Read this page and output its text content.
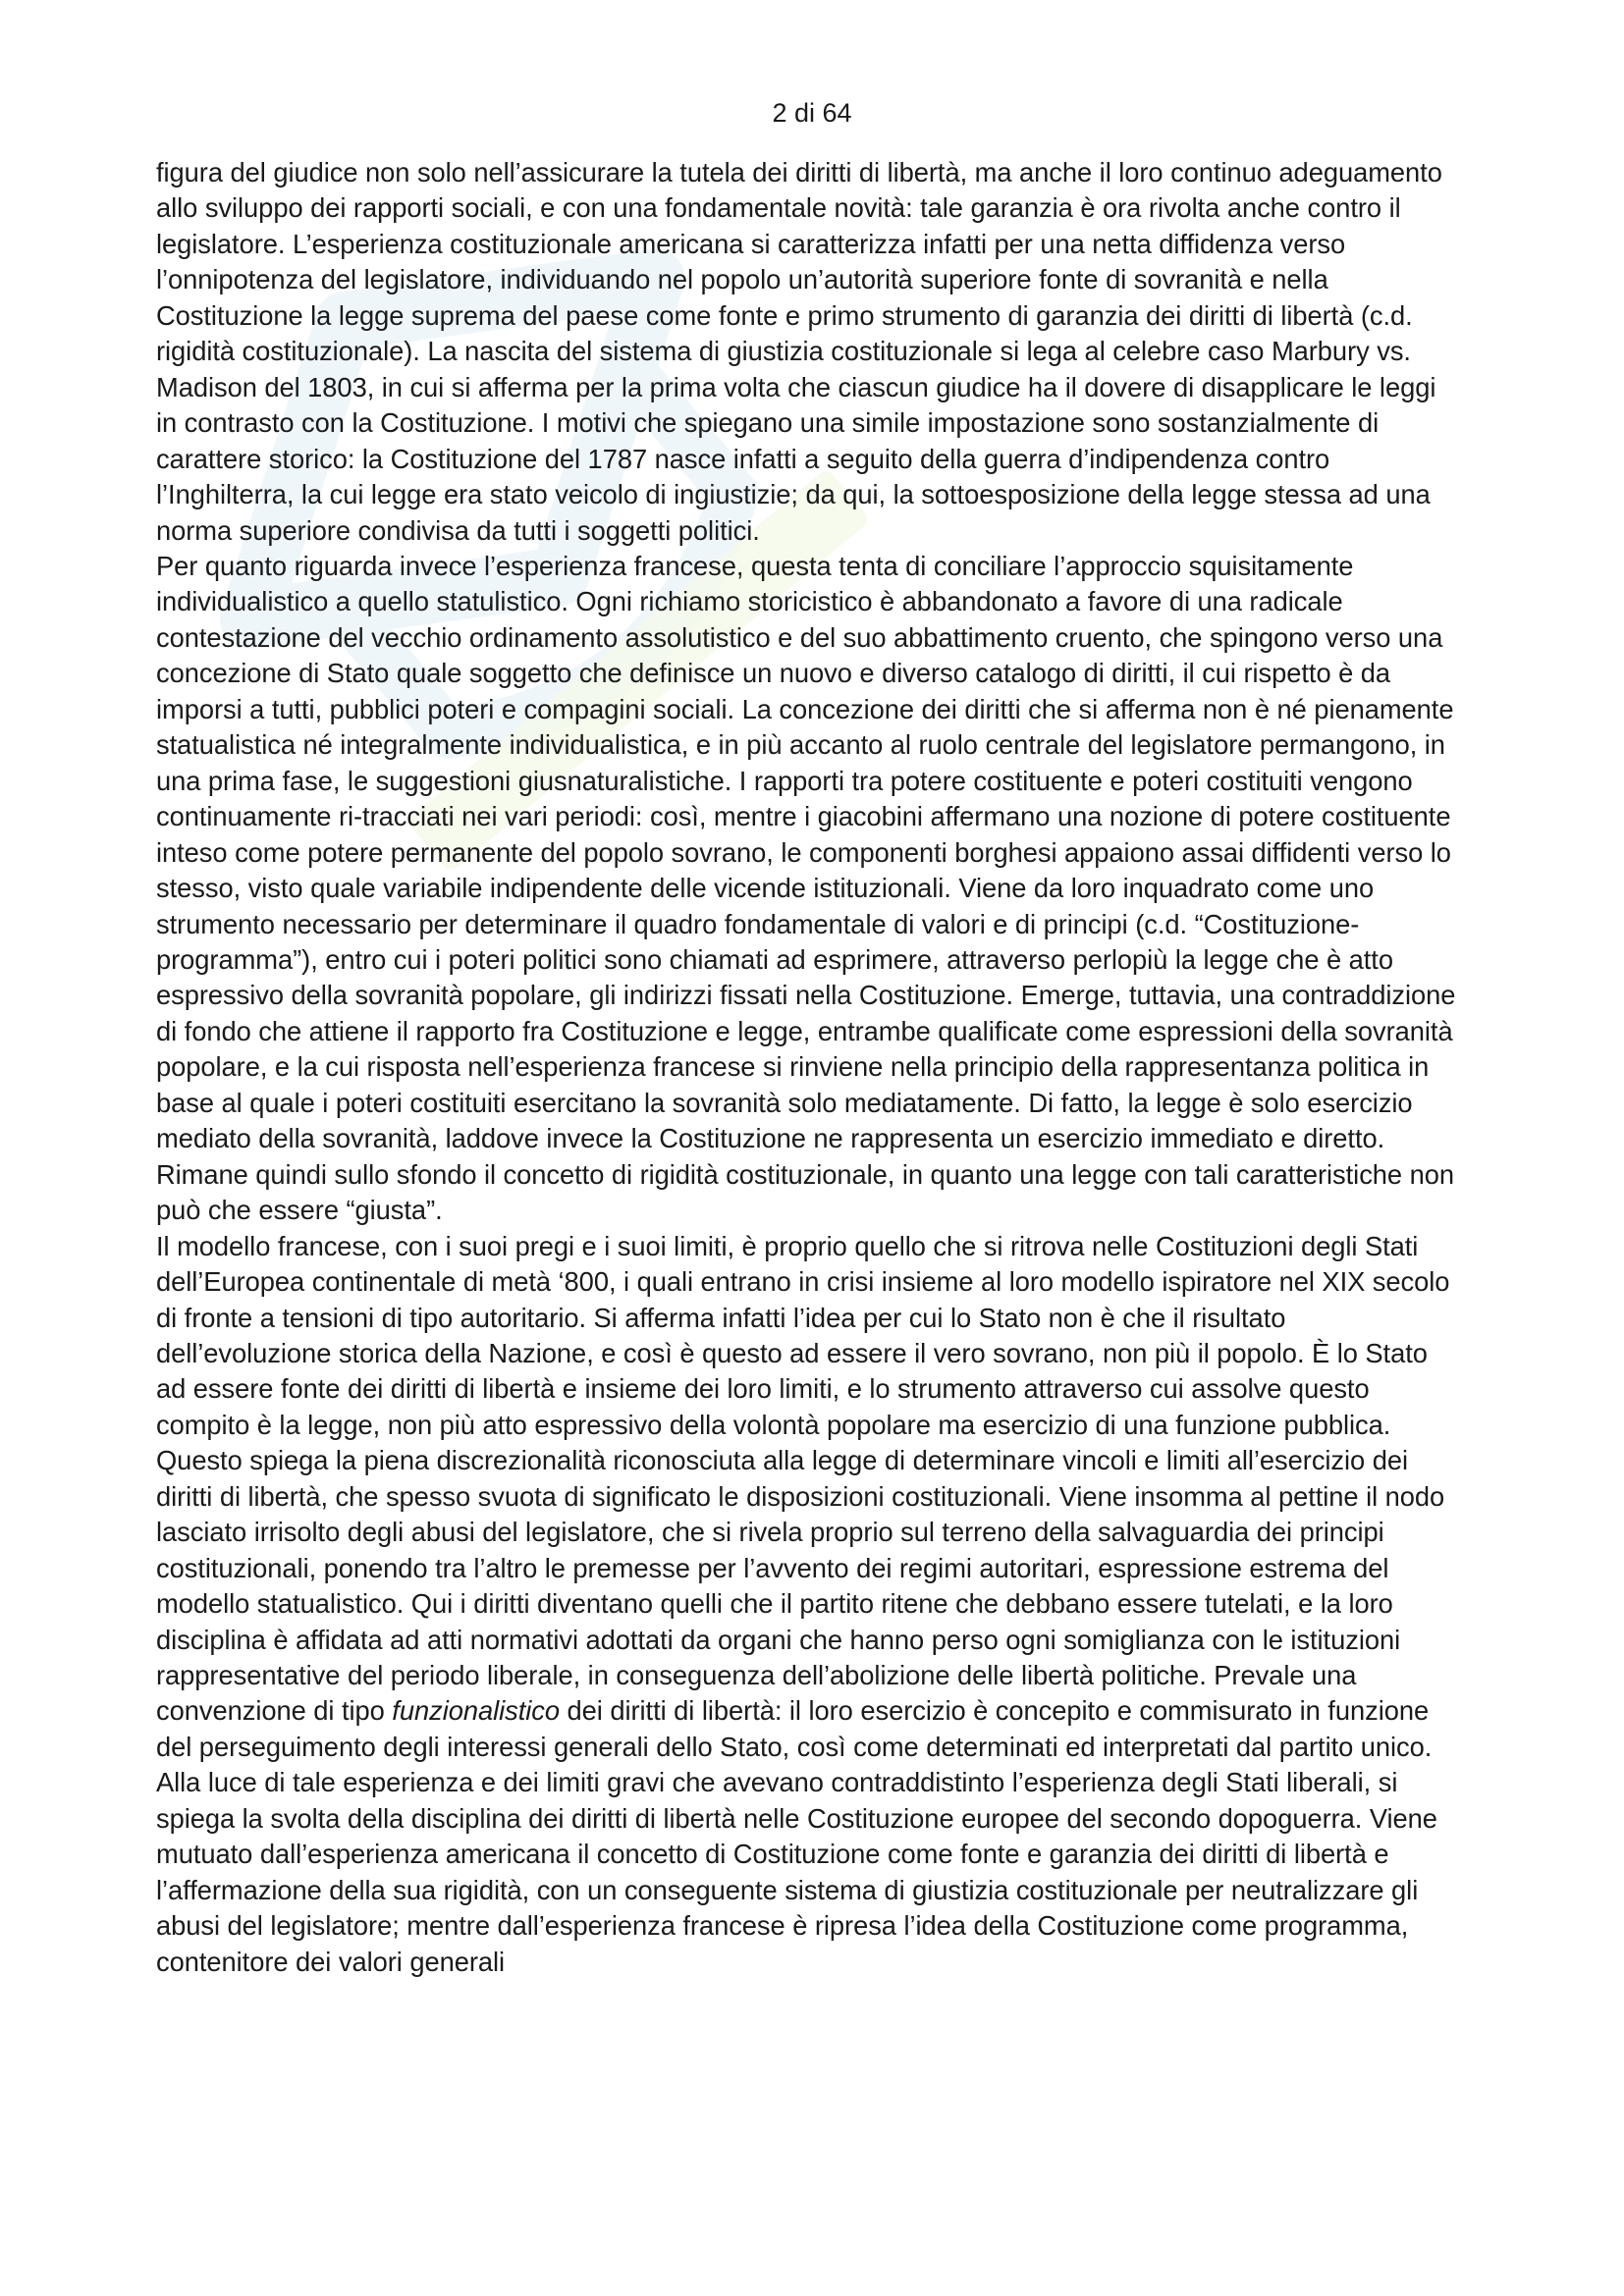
2 di 64

figura del giudice non solo nell’assicurare la tutela dei diritti di libertà, ma anche il loro continuo adeguamento allo sviluppo dei rapporti sociali, e con una fondamentale novità: tale garanzia è ora rivolta anche contro il legislatore. L’esperienza costituzionale americana si caratterizza infatti per una netta diffidenza verso l’onnipotenza del legislatore, individuando nel popolo un’autorità superiore fonte di sovranità e nella Costituzione la legge suprema del paese come fonte e primo strumento di garanzia dei diritti di libertà (c.d. rigidità costituzionale). La nascita del sistema di giustizia costituzionale si lega al celebre caso Marbury vs. Madison del 1803, in cui si afferma per la prima volta che ciascun giudice ha il dovere di disapplicare le leggi in contrasto con la Costituzione. I motivi che spiegano una simile impostazione sono sostanzialmente di carattere storico: la Costituzione del 1787 nasce infatti a seguito della guerra d’indipendenza contro l’Inghilterra, la cui legge era stato veicolo di ingiustizie; da qui, la sottoesposizione della legge stessa ad una norma superiore condivisa da tutti i soggetti politici.

Per quanto riguarda invece l’esperienza francese, questa tenta di conciliare l’approccio squisitamente individualistico a quello statulistico. Ogni richiamo storicistico è abbandonato a favore di una radicale contestazione del vecchio ordinamento assolutistico e del suo abbattimento cruento, che spingono verso una concezione di Stato quale soggetto che definisce un nuovo e diverso catalogo di diritti, il cui rispetto è da imporsi a tutti, pubblici poteri e compagini sociali. La concezione dei diritti che si afferma non è né pienamente statualistica né integralmente individualistica, e in più accanto al ruolo centrale del legislatore permangono, in una prima fase, le suggestioni giusnaturalistiche. I rapporti tra potere costituente e poteri costituiti vengono continuamente ri-tracciati nei vari periodi: così, mentre i giacobini affermano una nozione di potere costituente inteso come potere permanente del popolo sovrano, le componenti borghesi appaiono assai diffidenti verso lo stesso, visto quale variabile indipendente delle vicende istituzionali. Viene da loro inquadrato come uno strumento necessario per determinare il quadro fondamentale di valori e di principi (c.d. “Costituzione-programma”), entro cui i poteri politici sono chiamati ad esprimere, attraverso perlopiù la legge che è atto espressivo della sovranità popolare, gli indirizzi fissati nella Costituzione. Emerge, tuttavia, una contraddizione di fondo che attiene il rapporto fra Costituzione e legge, entrambe qualificate come espressioni della sovranità popolare, e la cui risposta nell’esperienza francese si rinviene nella principio della rappresentanza politica in base al quale i poteri costituiti esercitano la sovranità solo mediatamente. Di fatto, la legge è solo esercizio mediato della sovranità, laddove invece la Costituzione ne rappresenta un esercizio immediato e diretto. Rimane quindi sullo sfondo il concetto di rigidità costituzionale, in quanto una legge con tali caratteristiche non può che essere “giusta”.

Il modello francese, con i suoi pregi e i suoi limiti, è proprio quello che si ritrova nelle Costituzioni degli Stati dell’Europea continentale di metà ‘800, i quali entrano in crisi insieme al loro modello ispiratore nel XIX secolo di fronte a tensioni di tipo autoritario. Si afferma infatti l’idea per cui lo Stato non è che il risultato dell’evoluzione storica della Nazione, e così è questo ad essere il vero sovrano, non più il popolo. È lo Stato ad essere fonte dei diritti di libertà e insieme dei loro limiti, e lo strumento attraverso cui assolve questo compito è la legge, non più atto espressivo della volontà popolare ma esercizio di una funzione pubblica. Questo spiega la piena discrezionalità riconosciuta alla legge di determinare vincoli e limiti all’esercizio dei diritti di libertà, che spesso svuota di significato le disposizioni costituzionali. Viene insomma al pettine il nodo lasciato irrisolto degli abusi del legislatore, che si rivela proprio sul terreno della salvaguardia dei principi costituzionali, ponendo tra l’altro le premesse per l’avvento dei regimi autoritari, espressione estrema del modello statualistico. Qui i diritti diventano quelli che il partito ritene che debbano essere tutelati, e la loro disciplina è affidata ad atti normativi adottati da organi che hanno perso ogni somiglianza con le istituzioni rappresentative del periodo liberale, in conseguenza dell’abolizione delle libertà politiche. Prevale una convenzione di tipo funzionalistico dei diritti di libertà: il loro esercizio è concepito e commisurato in funzione del perseguimento degli interessi generali dello Stato, così come determinati ed interpretati dal partito unico.

Alla luce di tale esperienza e dei limiti gravi che avevano contraddistinto l’esperienza degli Stati liberali, si spiega la svolta della disciplina dei diritti di libertà nelle Costituzione europee del secondo dopoguerra. Viene mutuato dall’esperienza americana il concetto di Costituzione come fonte e garanzia dei diritti di libertà e l’affermazione della sua rigidità, con un conseguente sistema di giustizia costituzionale per neutralizzare gli abusi del legislatore; mentre dall’esperienza francese è ripresa l’idea della Costituzione come programma, contenitore dei valori generali
